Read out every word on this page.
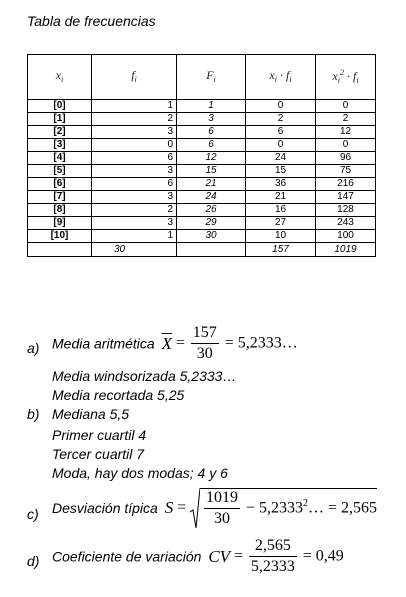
Tabla de frecuencias
$x_i$	$f_i$	$F_i$	$x_i \cdot f_i$	$x_i^2 \cdot f_i$
[0]	1	1	0	0
[1]	2	3	2	2
[2]	3	6	6	12
[3]	0	6	0	0
[4]	6	12	24	96
[5]	3	15	15	75
[6]	6	21	36	216
[7]	3	24	21	147
[8]	2	26	16	128
[9]	3	29	27	243
[10]	1	30	10	100
	30		157	1019
a) Media aritmética $\overline{X} = \frac{157}{30}$ = 5,2333…
Media windsorizada 5,2333…
Media recortada 5,25
b) Mediana 5,5
Primer cuartil 4
Tercer cuartil 7
Moda, hay dos modas; 4 y 6
c) Desviación típica $S = \frac{1019}{30}$ − $5,2333^2\dots = 2,565$
d) Coeficiente de variación CV = $\frac{2,565}{5,2333} = 0,49$
